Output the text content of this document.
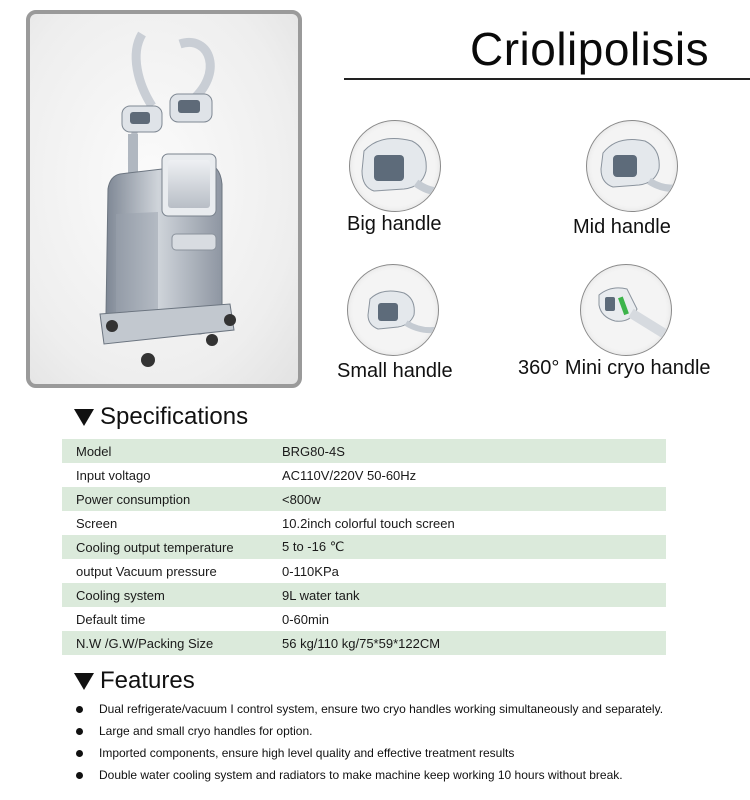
Criolipolisis
Big handle	Mid handle
Small handle	360° Mini cryo handle
Specifications
Model	BRG80-4S
Input voltago	AC110V/220V 50-60Hz
Power consumption	<800w
Screen	10.2inch colorful touch screen
Cooling output temperature	5 to -16 ℃
output Vacuum pressure	0-110KPa
Cooling system	9L water tank
Default time	0-60min
N.W /G.W/Packing Size	56 kg/110 kg/75*59*122CM
Features
Dual refrigerate/vacuum I control system, ensure two cryo handles working simultaneously and separately.
Large and small cryo handles for option.
Imported components, ensure high level quality and effective treatment results
Double water cooling system and radiators to make machine keep working 10 hours without break.
